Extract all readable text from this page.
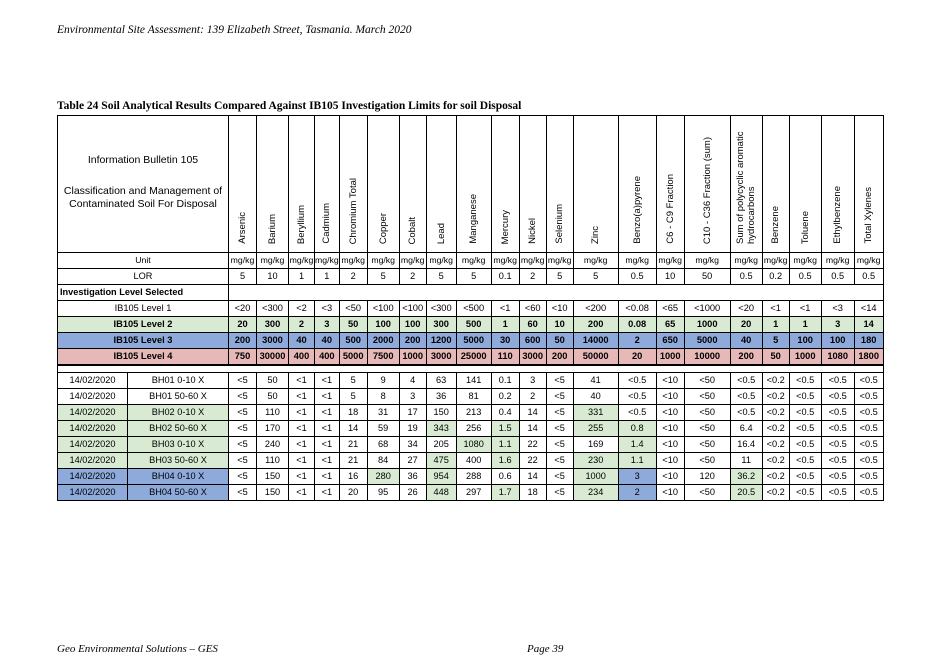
Environmental Site Assessment: 139 Elizabeth Street, Tasmania. March 2020
Table 24 Soil Analytical Results Compared Against IB105 Investigation Limits for soil Disposal
Information Bulletin 105
Classification and Management of Contaminated Soil For Disposal		Arsenic	Barium	Beryllium	Cadmium	Chromium Total	Copper	Cobalt	Lead	Manganese	Mercury	Nickel	Selenium	Zinc	Benzo(a)pyrene	C6 - C9 Fraction	C10 - C36 Fraction (sum)	Sum of polycyclic aromatic hydrocarbons	Benzene	Toluene	Ethylbenzene	Total Xylenes
Unit		mg/kg	mg/kg	mg/kg	mg/kg	mg/kg	mg/kg	mg/kg	mg/kg	mg/kg	mg/kg	mg/kg	mg/kg	mg/kg	mg/kg	mg/kg	mg/kg	mg/kg	mg/kg	mg/kg	mg/kg	mg/kg
LOR		5	10	1	1	2	5	2	5	5	0.1	2	5	5	0.5	10	50	0.5	0.2	0.5	0.5	0.5
Investigation Level Selected																						
IB105 Level 1		<20	<300	<2	<3	<50	<100	<100	<300	<500	<1	<60	<10	<200	<0.08	<65	<1000	<20	<1	<1	<3	<14
IB105 Level 2		20	300	2	3	50	100	100	300	500	1	60	10	200	0.08	65	1000	20	1	1	3	14
IB105 Level 3		200	3000	40	40	500	2000	200	1200	5000	30	600	50	14000	2	650	5000	40	5	100	100	180
IB105 Level 4		750	30000	400	400	5000	7500	1000	3000	25000	110	3000	200	50000	20	1000	10000	200	50	1000	1080	1800

14/02/2020	BH01 0-10 X	<5	50	<1	<1	5	9	4	63	141	0.1	3	<5	41	<0.5	<10	<50	<0.5	<0.2	<0.5	<0.5	<0.5
14/02/2020	BH01 50-60 X	<5	50	<1	<1	5	8	3	36	81	0.2	2	<5	40	<0.5	<10	<50	<0.5	<0.2	<0.5	<0.5	<0.5
14/02/2020	BH02 0-10 X	<5	110	<1	<1	18	31	17	150	213	0.4	14	<5	331	<0.5	<10	<50	<0.5	<0.2	<0.5	<0.5	<0.5
14/02/2020	BH02 50-60 X	<5	170	<1	<1	14	59	19	343	256	1.5	14	<5	255	0.8	<10	<50	6.4	<0.2	<0.5	<0.5	<0.5
14/02/2020	BH03 0-10 X	<5	240	<1	<1	21	68	34	205	1080	1.1	22	<5	169	1.4	<10	<50	16.4	<0.2	<0.5	<0.5	<0.5
14/02/2020	BH03 50-60 X	<5	110	<1	<1	21	84	27	475	400	1.6	22	<5	230	1.1	<10	<50	11	<0.2	<0.5	<0.5	<0.5
14/02/2020	BH04 0-10 X	<5	150	<1	<1	16	280	36	954	288	0.6	14	<5	1000	3	<10	120	36.2	<0.2	<0.5	<0.5	<0.5
14/02/2020	BH04 50-60 X	<5	150	<1	<1	20	95	26	448	297	1.7	18	<5	234	2	<10	<50	20.5	<0.2	<0.5	<0.5	<0.5
Geo Environmental Solutions – GES	Page 39
